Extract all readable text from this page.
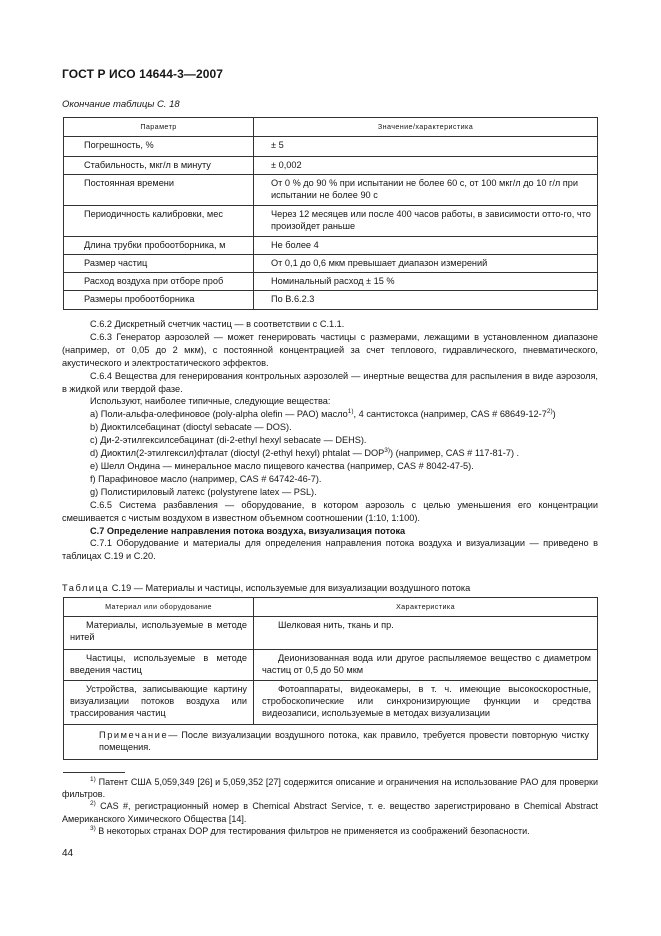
ГОСТ Р ИСО 14644-3—2007
Окончание таблицы С. 18
Параметр	Значение/характеристика
Погрешность, %	± 5
Стабильность, мкг/л в минуту	± 0,002
Постоянная времени	От 0 % до 90 % при испытании не более 60 с, от 100 мкг/л до 10 г/л при испытании не более 90 с
Периодичность калибровки, мес	Через 12 месяцев или после 400 часов работы, в зависимости отто-го, что произойдет раньше
Длина трубки пробоотборника, м	Не более 4
Размер частиц	От 0,1 до 0,6 мкм превышает диапазон измерений
Расход воздуха при отборе проб	Номинальный расход ± 15 %
Размеры пробоотборника	По В.6.2.3

С.6.2 Дискретный счетчик частиц — в соответствии с С.1.1.

С.6.3 Генератор аэрозолей — может генерировать частицы с размерами, лежащими в установленном диапазоне (например, от 0,05 до 2 мкм), с постоянной концентрацией за счет теплового, гидравлического, пневматического, акустического и электростатического эффектов.

С.6.4 Вещества для генерирования контрольных аэрозолей — инертные вещества для распыления в виде аэрозоля, в жидкой или твердой фазе.

Используют, наиболее типичные, следующие вещества:

а) Поли-альфа-олефиновое (poly-alpha olefin — PAO) масло$^{1)}$, 4 сантистокса (например, CAS # 68649-12-7$^{2)}$)

b) Диоктилсебацинат (dioctyl sebacate — DOS).

c) Ди-2-этилгексилсебацинат (di-2-ethyl hexyl sebacate — DEHS).

d) Диоктил(2-этилгексил)фталат (dioctyl (2-ethyl hexyl) phtalat — DOP$^{3)}$) (например, CAS # 117-81-7) .

e) Шелл Ондина — минеральное масло пищевого качества (например, CAS # 8042-47-5).

f) Парафиновое масло (например, CAS # 64742-46-7).

g) Полистириловый латекс (polystyrene latex — PSL).

С.6.5 Система разбавления — оборудование, в котором аэрозоль с целью уменьшения его концентрации смешивается с чистым воздухом в известном объемном соотношении (1:10, 1:100).

С.7 Определение направления потока воздуха, визуализация потока

С.7.1 Оборудование и материалы для определения направления потока воздуха и визуализации — приведено в таблицах С.19 и С.20.

Таблица С.19 — Материалы и частицы, используемые для визуализации воздушного потока
Материал или оборудование	Характеристика

Материалы, используемые в методе нитей	Шелковая нить, ткань и пр.

Частицы, используемые в методе введения частиц	Деионизованная вода или другое распыляемое вещество с диаметром частиц от 0,5 до 50 мкм

Устройства, записывающие картину визуализации потоков воздуха или трассирования частиц	Фотоаппараты, видеокамеры, в т. ч. имеющие высокоскоростные, стробоскопические или синхронизирующие функции и средства видеозаписи, используемые в методах визуализации

Примечание— После визуализации воздушного потока, как правило, требуется провести повторную чистку помещения.	

$^{1)}$ Патент США 5,059,349 [26] и 5,059,352 [27] содержится описание и ограничения на использование PAO для проверки фильтров.

$^{2)}$ CAS #, регистрационный номер в Chemical Abstract Service, т. е. вещество зарегистрировано в Chemical Abstract Американского Химического Общества [14].

$^{3)}$ В некоторых странах DOP для тестирования фильтров не применяется из соображений безопасности.

44
